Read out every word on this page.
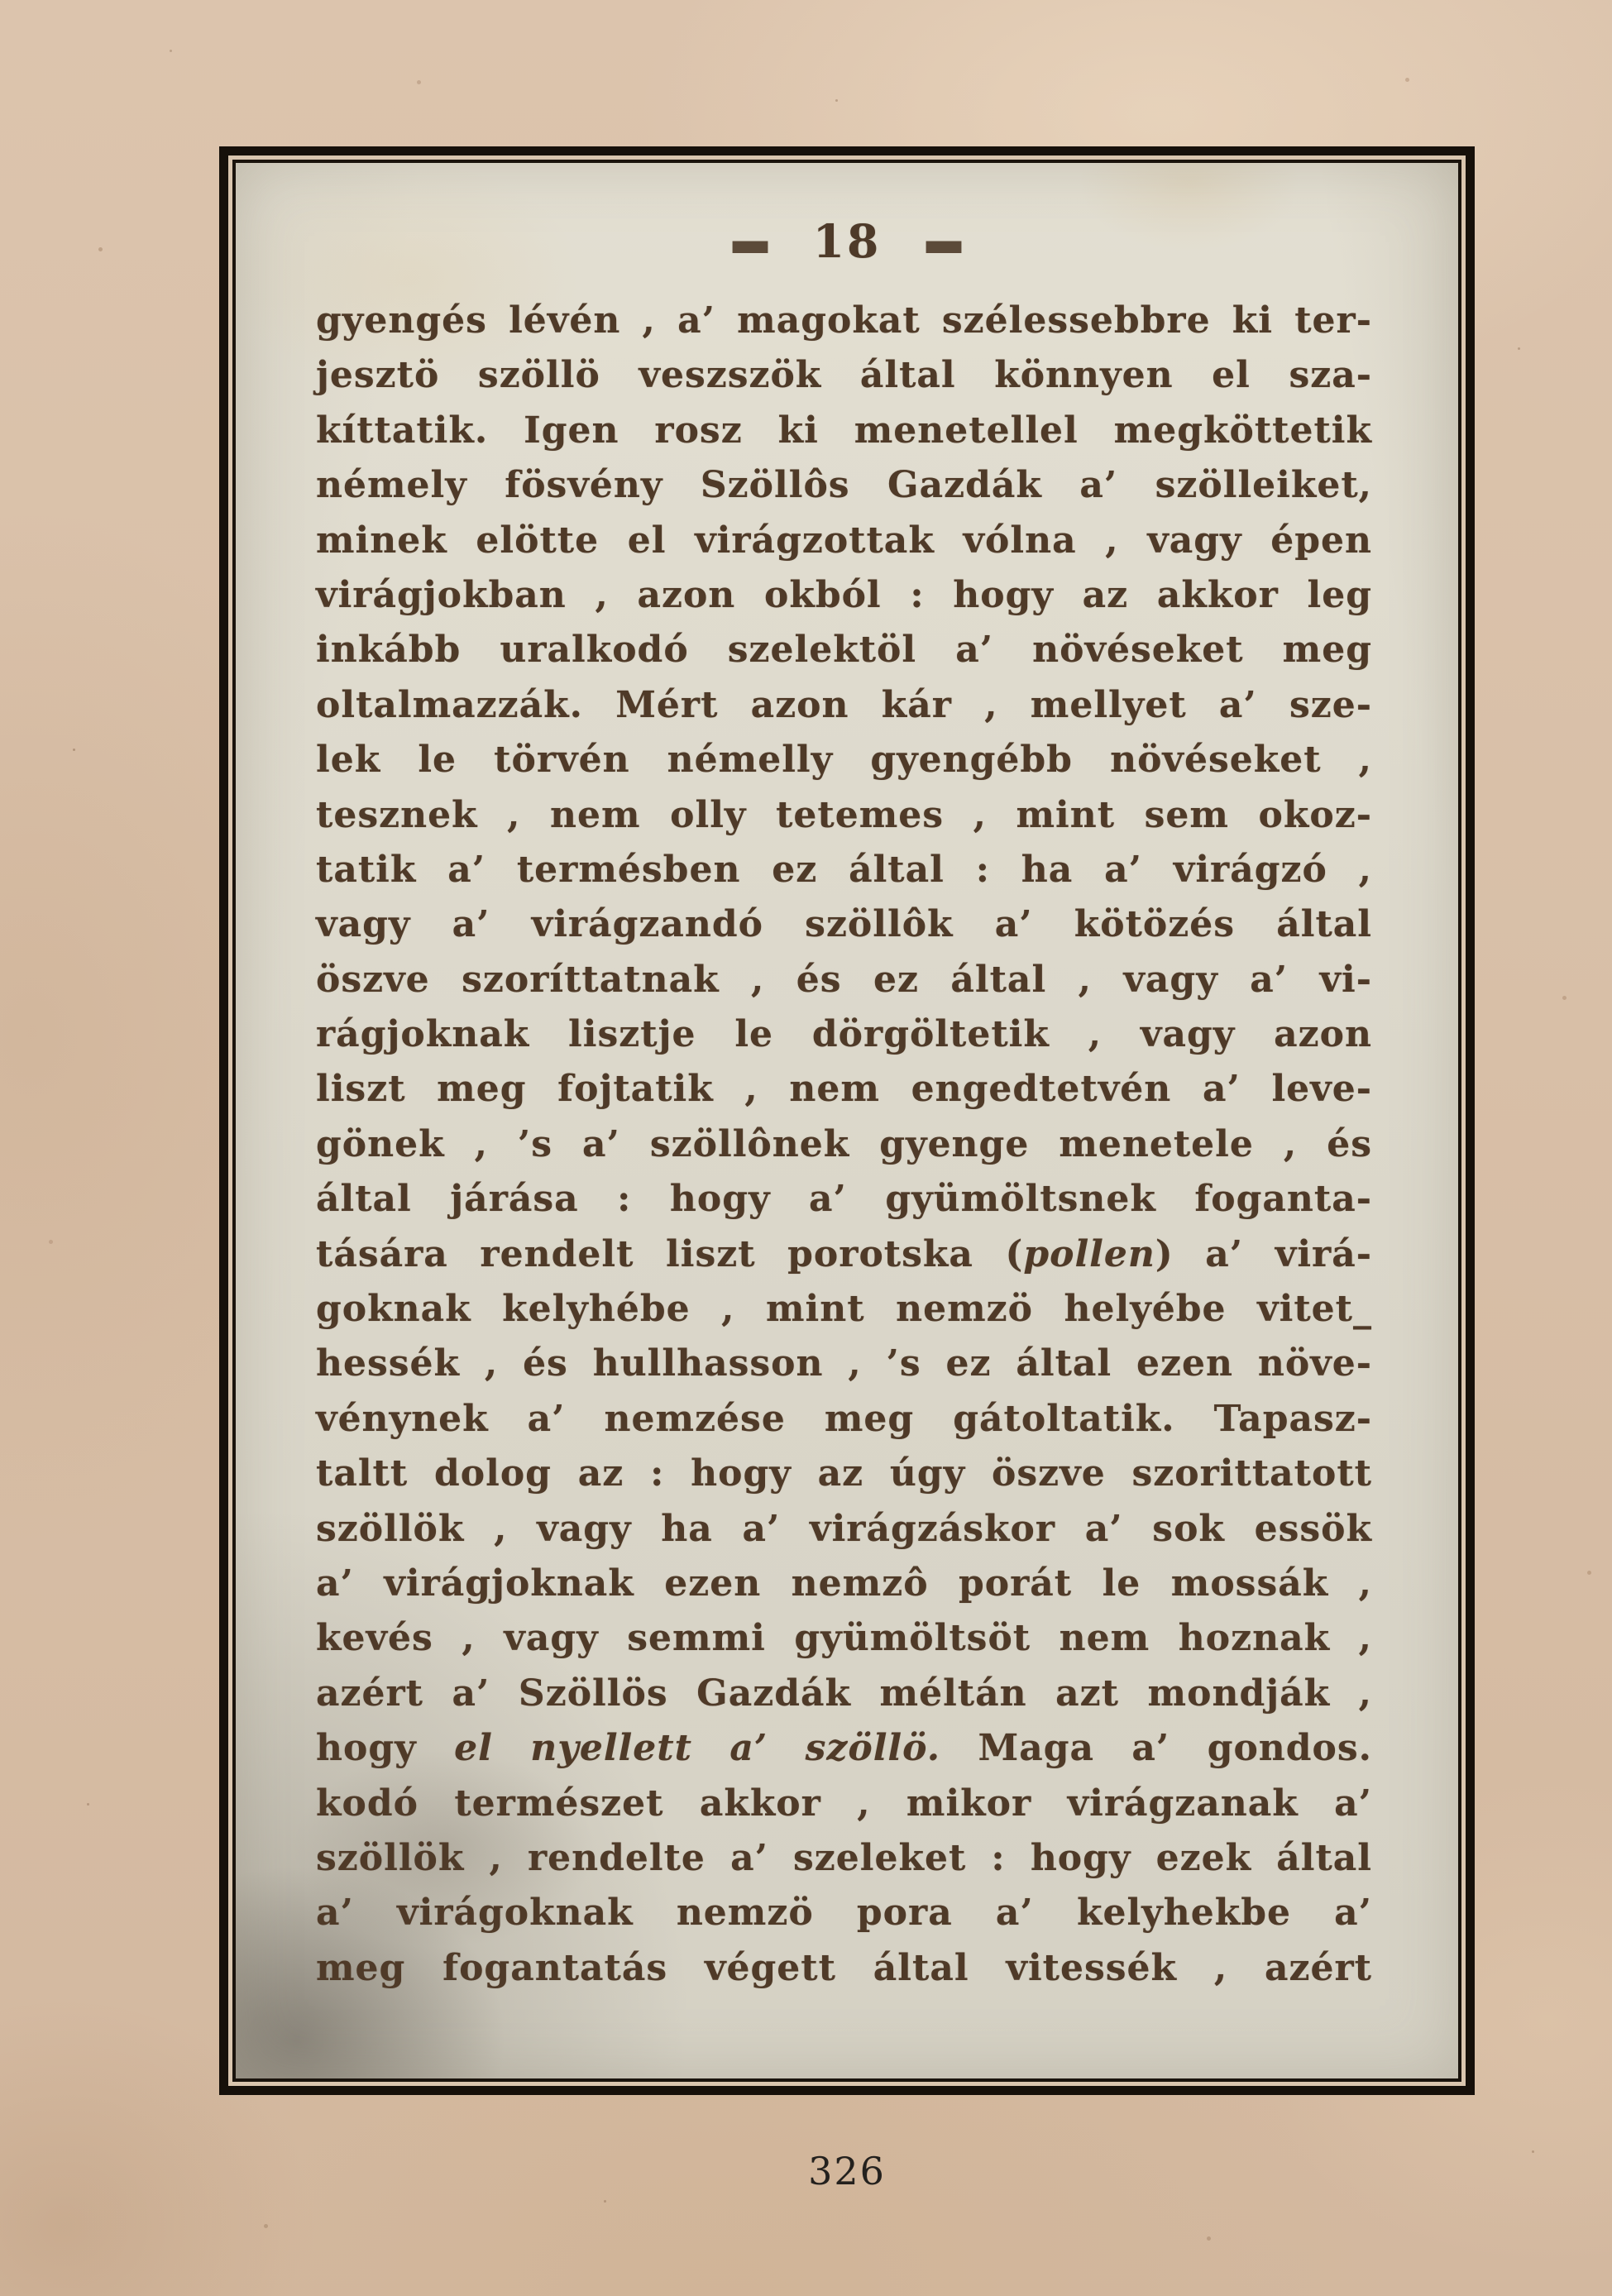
— 18 —
gyengés lévén , a’ magokat szélessebbre ki ter-
jesztö szöllö veszszök által könnyen el sza-
kíttatik. Igen rosz ki menetellel megköttetik
némely fösvény Szöllôs Gazdák a’ szölleiket,
minek elötte el virágzottak vólna , vagy épen
virágjokban , azon okból : hogy az akkor leg
inkább uralkodó szelektöl a’ növéseket meg
oltalmazzák. Mért azon kár , mellyet a’ sze-
lek le törvén némelly gyengébb növéseket ,
tesznek , nem olly tetemes , mint sem okoz-
tatik a’ termésben ez által : ha a’ virágzó ,
vagy a’ virágzandó szöllôk a’ kötözés által
öszve szoríttatnak , és ez által , vagy a’ vi-
rágjoknak lisztje le dörgöltetik , vagy azon
liszt meg fojtatik , nem engedtetvén a’ leve-
gönek , ’s a’ szöllônek gyenge menetele , és
által járása : hogy a’ gyümöltsnek foganta-
tására rendelt liszt porotska (pollen) a’ virá-
goknak kelyhébe , mint nemzö helyébe vitet_
hessék , és hullhasson , ’s ez által ezen növe-
vénynek a’ nemzése meg gátoltatik. Tapasz-
taltt dolog az : hogy az úgy öszve szorittatott
szöllök , vagy ha a’ virágzáskor a’ sok essök
a’ virágjoknak ezen nemzô porát le mossák ,
kevés , vagy semmi gyümöltsöt nem hoznak ,
azért a’ Szöllös Gazdák méltán azt mondják ,
hogy el nyellett a’ szöllö. Maga a’ gondos.
kodó természet akkor , mikor virágzanak a’
szöllök , rendelte a’ szeleket : hogy ezek által
a’ virágoknak nemzö pora a’ kelyhekbe a’
meg fogantatás végett által vitessék , azért
326
